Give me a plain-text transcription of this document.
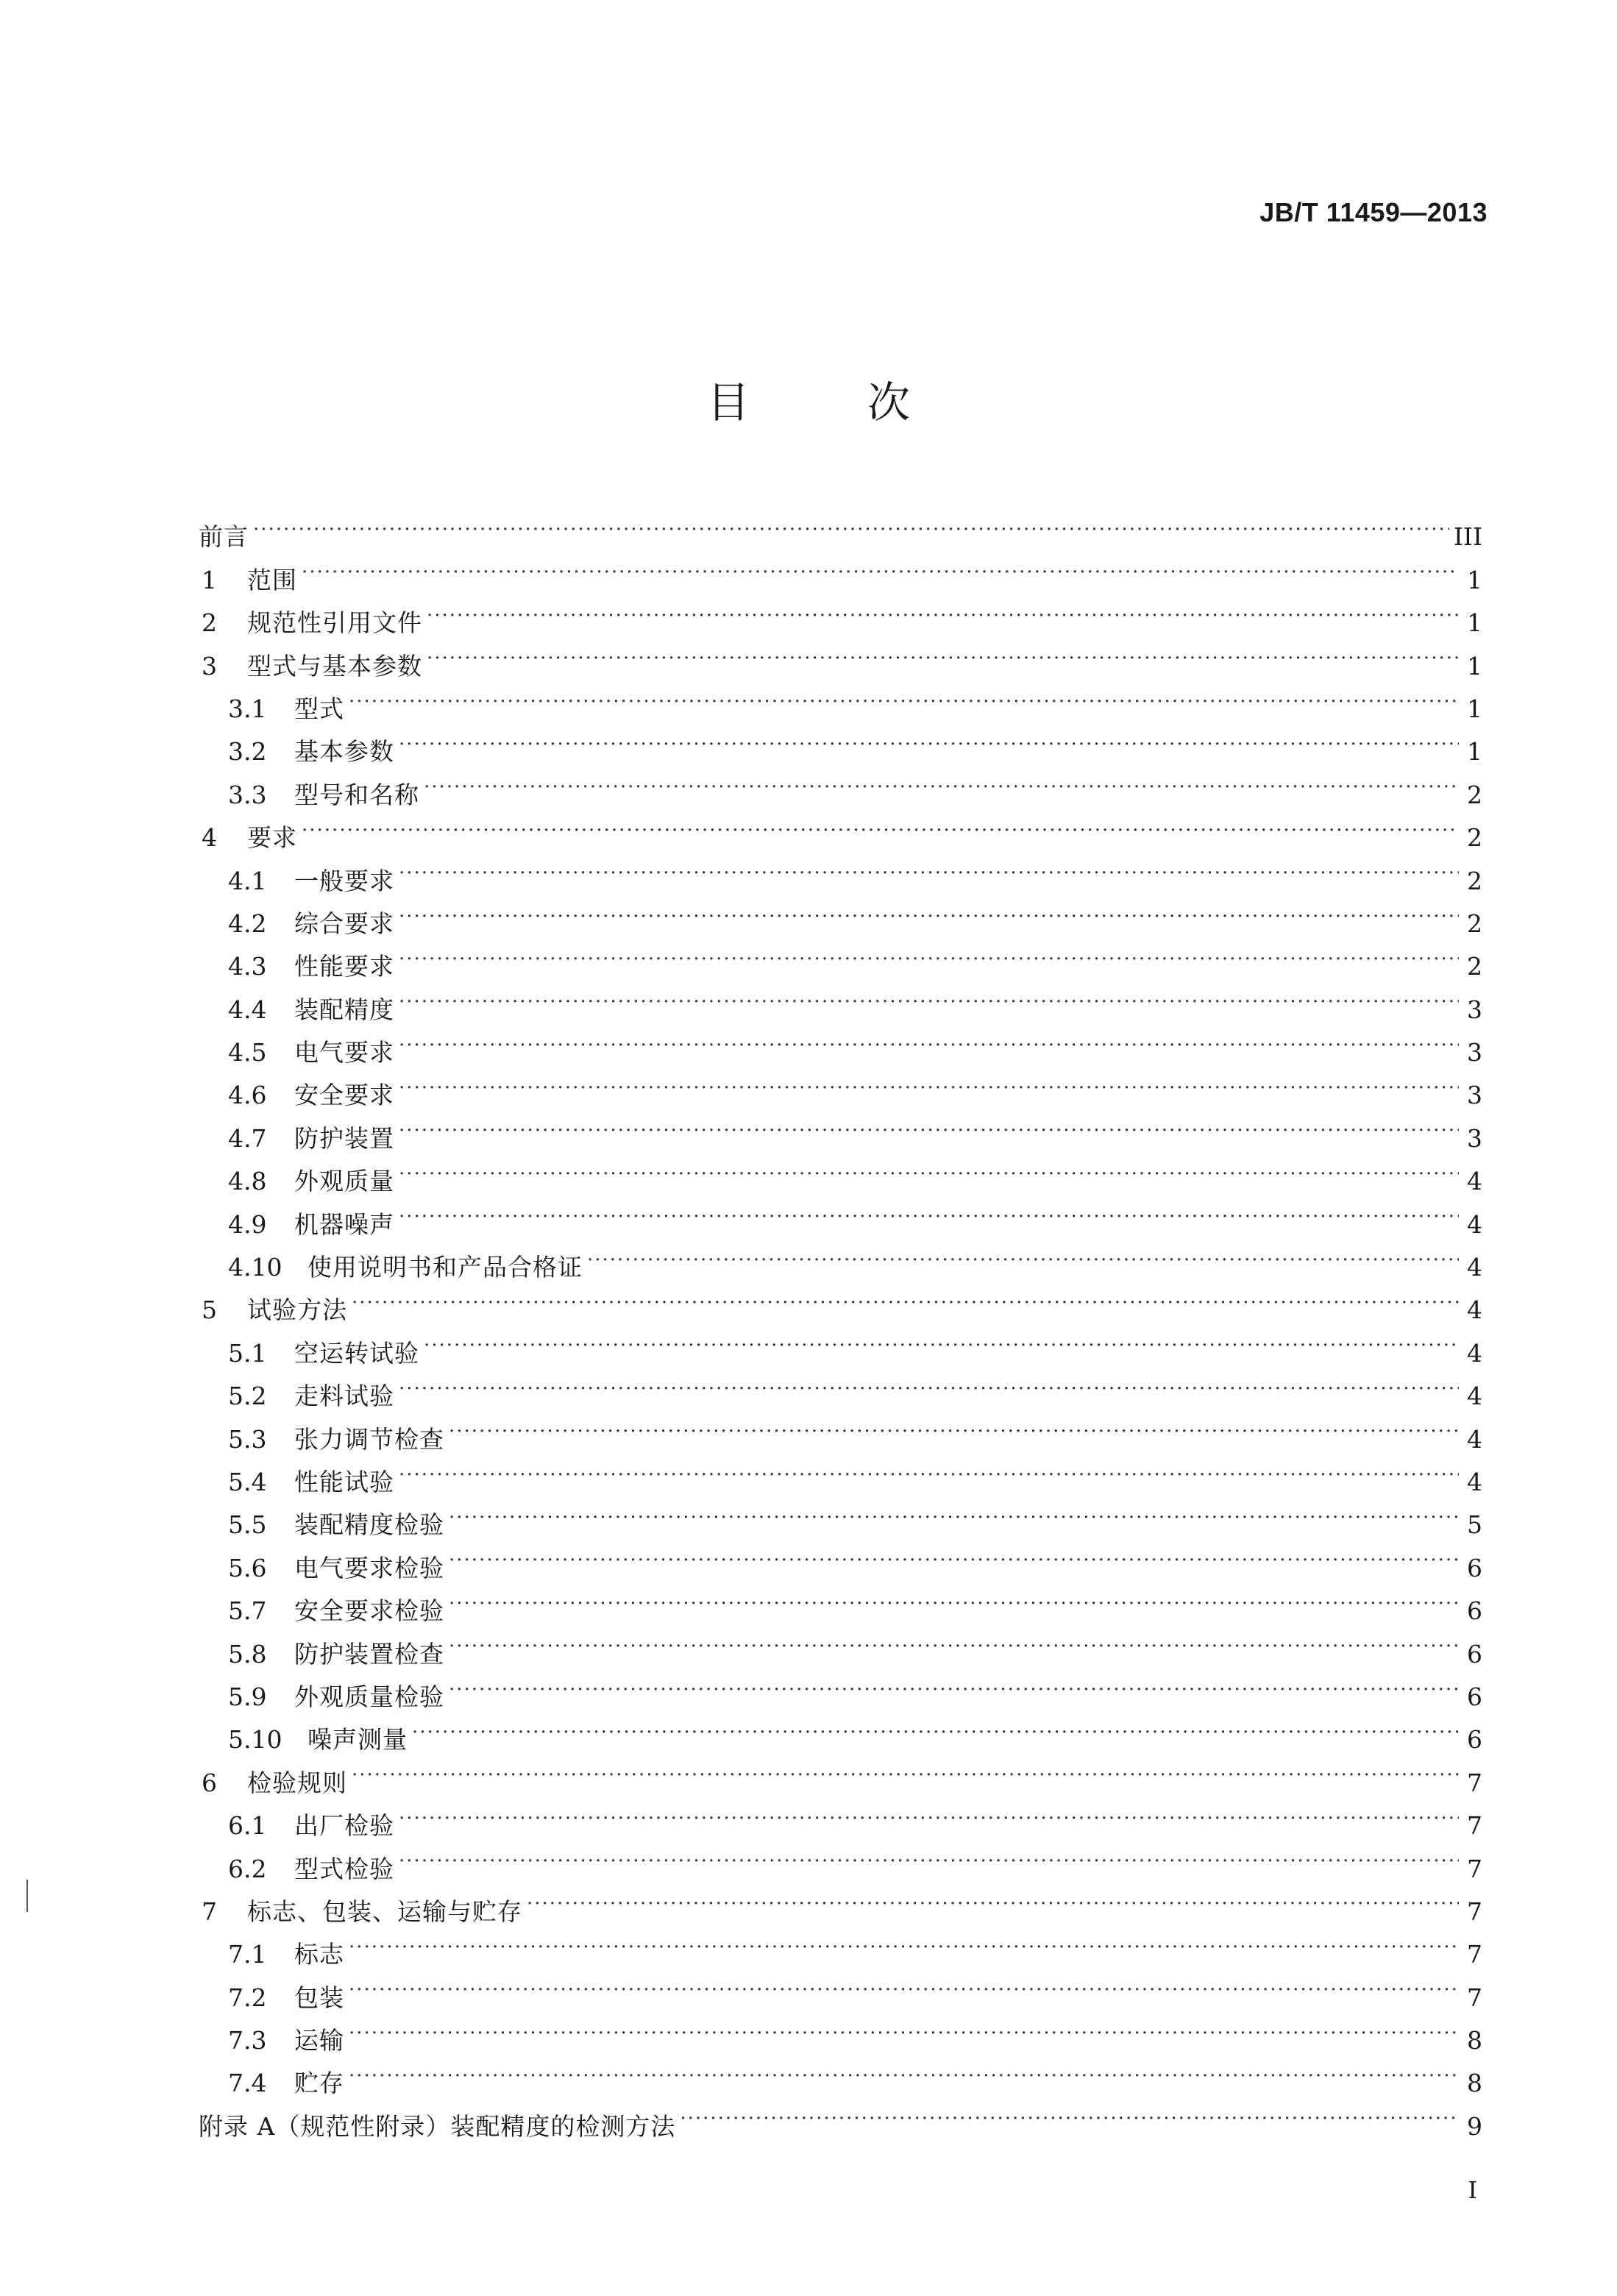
JB/T 11459—2013
目次
前言 .....	III
1	范围 .....	1
2	规范性引用文件 .....	1
3	型式与基本参数 .....	1
3.1	型式 .....	1
3.2	基本参数 .....	1
3.3	型号和名称 .....	2
4	要求 .....	2
4.1	一般要求 .....	2
4.2	综合要求 .....	2
4.3	性能要求 .....	2
4.4	装配精度 .....	3
4.5	电气要求 .....	3
4.6	安全要求 .....	3
4.7	防护装置 .....	3
4.8	外观质量 .....	4
4.9	机器噪声 .....	4
4.10	使用说明书和产品合格证 .....	4
5	试验方法 .....	4
5.1	空运转试验 .....	4
5.2	走料试验 .....	4
5.3	张力调节检查 .....	4
5.4	性能试验 .....	4
5.5	装配精度检验 .....	5
5.6	电气要求检验 .....	6
5.7	安全要求检验 .....	6
5.8	防护装置检查 .....	6
5.9	外观质量检验 .....	6
5.10	噪声测量 .....	6
6	检验规则 .....	7
6.1	出厂检验 .....	7
6.2	型式检验 .....	7
7	标志、包装、运输与贮存 .....	7
7.1	标志 .....	7
7.2	包装 .....	7
7.3	运输 .....	8
7.4	贮存 .....	8
附录 A（规范性附录）装配精度的检测方法 .....	9
I
